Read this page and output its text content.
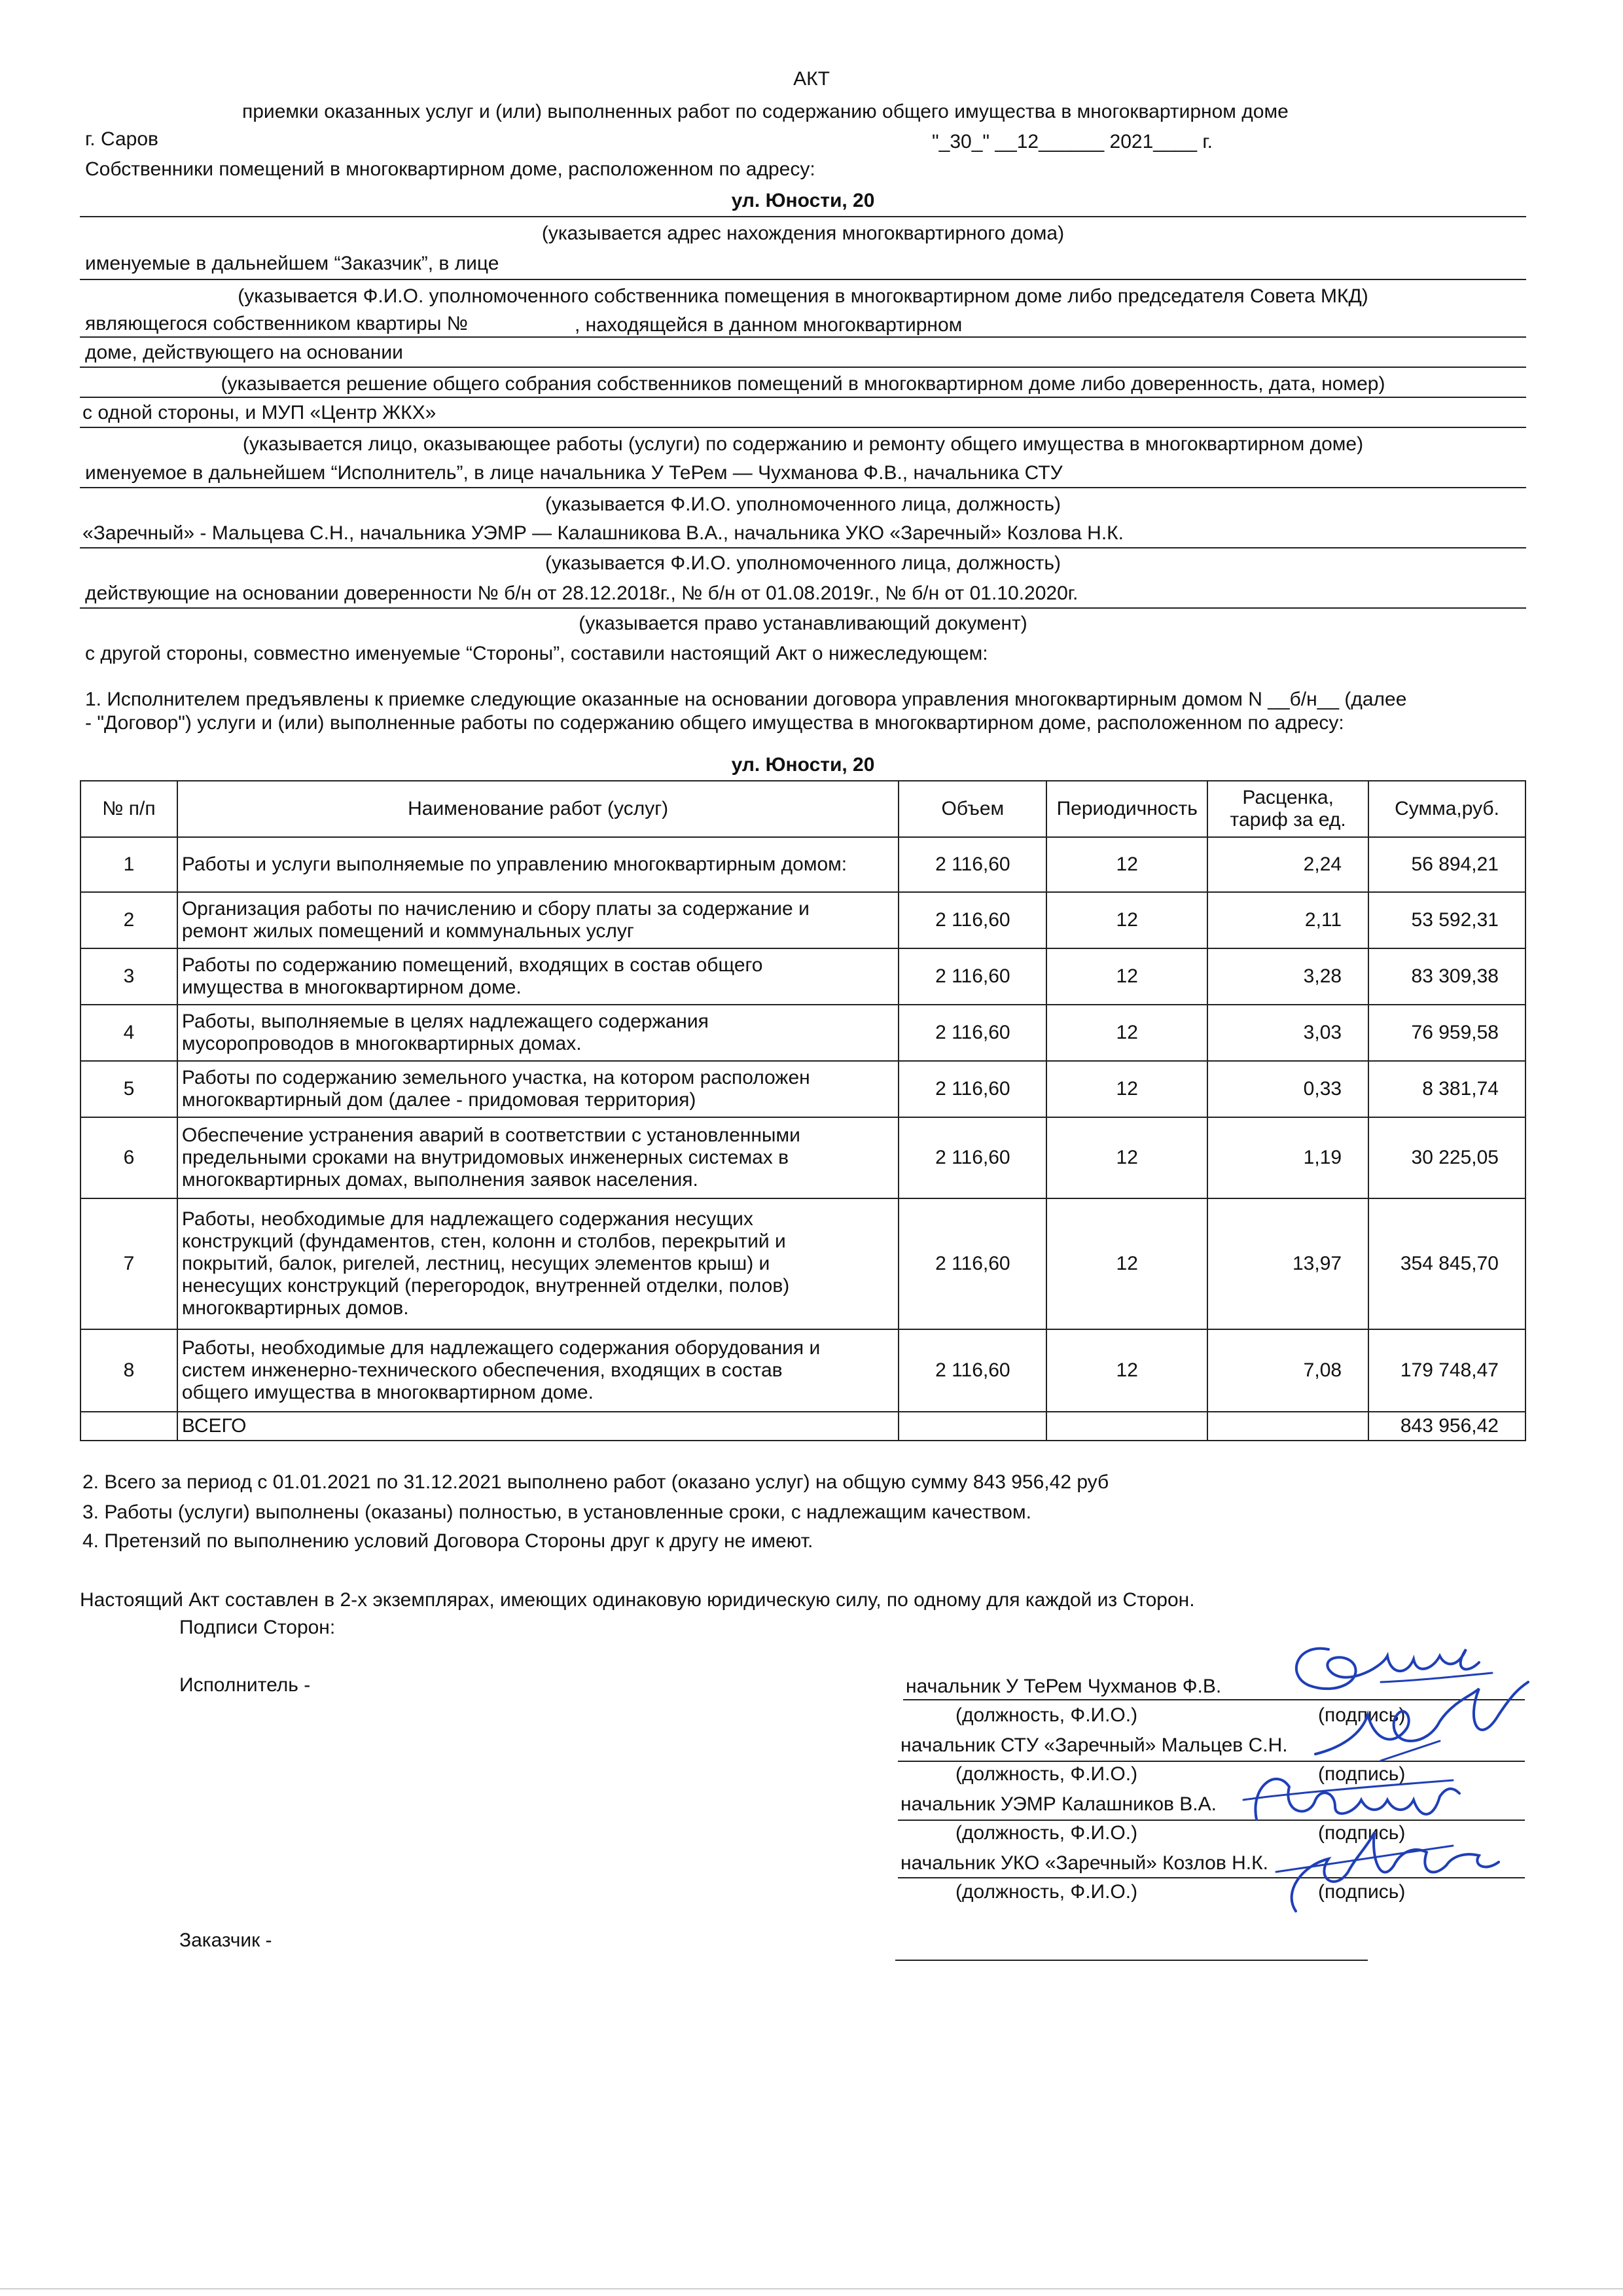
АКТ
приемки оказанных услуг и (или) выполненных работ по содержанию общего имущества в многоквартирном доме
г. Саров	"_30_" __12______ 2021____ г.
Собственники помещений в многоквартирном доме, расположенном по адресу:
ул. Юности, 20
(указывается адрес нахождения многоквартирного дома)
именуемые в дальнейшем “Заказчик”, в лице
(указывается Ф.И.О. уполномоченного собственника помещения в многоквартирном доме либо председателя Совета МКД)
являющегося собственником квартиры №	, находящейся в данном многоквартирном
доме, действующего на основании
(указывается решение общего собрания собственников помещений в многоквартирном доме либо доверенность, дата, номер)
с одной стороны, и МУП «Центр ЖКХ»
(указывается лицо, оказывающее работы (услуги) по содержанию и ремонту общего имущества в многоквартирном доме)
именуемое в дальнейшем “Исполнитель”, в лице начальника У ТеРем — Чухманова Ф.В., начальника СТУ
(указывается Ф.И.О. уполномоченного лица, должность)
«Заречный» - Мальцева С.Н., начальника УЭМР — Калашникова В.А., начальника УКО «Заречный» Козлова Н.К.
(указывается Ф.И.О. уполномоченного лица, должность)
действующие на основании доверенности № б/н от 28.12.2018г., № б/н от 01.08.2019г., № б/н от 01.10.2020г.
(указывается право устанавливающий документ)
с другой стороны, совместно именуемые “Стороны”, составили настоящий Акт о нижеследующем:
1. Исполнителем предъявлены к приемке следующие оказанные на основании договора управления многоквартирным домом N __б/н__ (далее
- "Договор") услуги и (или) выполненные работы по содержанию общего имущества в многоквартирном доме, расположенном по адресу:
ул. Юности, 20
№ п/п	Наименование работ (услуг)	Объем	Периодичность	Расценка,
тариф за ед.	Сумма,руб.
1	Работы и услуги выполняемые по управлению многоквартирным домом:	2 116,60	12	2,24	56 894,21
2	Организация работы по начислению и сбору платы за содержание и
ремонт жилых помещений и коммунальных услуг	2 116,60	12	2,11	53 592,31
3	Работы по содержанию помещений, входящих в состав общего
имущества в многоквартирном доме.	2 116,60	12	3,28	83 309,38
4	Работы, выполняемые в целях надлежащего содержания
мусоропроводов в многоквартирных домах.	2 116,60	12	3,03	76 959,58
5	Работы по содержанию земельного участка, на котором расположен
многоквартирный дом (далее - придомовая территория)	2 116,60	12	0,33	8 381,74
6	Обеспечение устранения аварий в соответствии с установленными
предельными сроками на внутридомовых инженерных системах в
многоквартирных домах, выполнения заявок населения.	2 116,60	12	1,19	30 225,05
7	Работы, необходимые для надлежащего содержания несущих
конструкций (фундаментов, стен, колонн и столбов, перекрытий и
покрытий, балок, ригелей, лестниц, несущих элементов крыш) и
ненесущих конструкций (перегородок, внутренней отделки, полов)
многоквартирных домов.	2 116,60	12	13,97	354 845,70
8	Работы, необходимые для надлежащего содержания оборудования и
систем инженерно-технического обеспечения, входящих в состав
общего имущества в многоквартирном доме.	2 116,60	12	7,08	179 748,47
	ВСЕГО				843 956,42
2. Всего за период с 01.01.2021 по 31.12.2021 выполнено работ (оказано услуг) на общую сумму 843 956,42 руб
3. Работы (услуги) выполнены (оказаны) полностью, в установленные сроки, с надлежащим качеством.
4. Претензий по выполнению условий Договора Стороны друг к другу не имеют.
Настоящий Акт составлен в 2-х экземплярах, имеющих одинаковую юридическую силу, по одному для каждой из Сторон.
Подписи Сторон:
Исполнитель -	начальник У ТеРем Чухманов Ф.В.
(должность, Ф.И.О.)	(подпись)
начальник СТУ «Заречный» Мальцев С.Н.
(должность, Ф.И.О.)	(подпись)
начальник УЭМР Калашников В.А.
(должность, Ф.И.О.)	(подпись)
начальник УКО «Заречный» Козлов Н.К.
(должность, Ф.И.О.)	(подпись)
Заказчик -
